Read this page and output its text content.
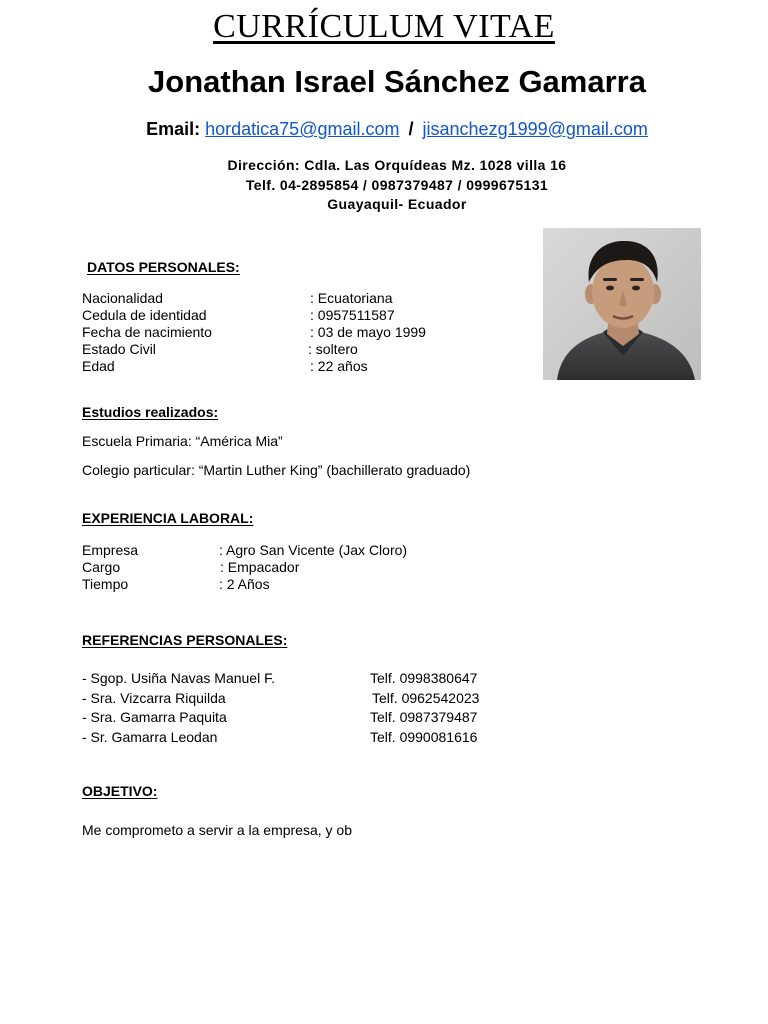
CURRÍCULUM VITAE
Jonathan Israel Sánchez Gamarra
Email: hordatica75@gmail.com / jisanchezg1999@gmail.com
Dirección: Cdla. Las Orquídeas Mz. 1028 villa 16
Telf. 04-2895854 / 0987379487 / 0999675131
Guayaquil- Ecuador
DATOS PERSONALES:
Nacionalidad	: Ecuatoriana
Cedula de identidad	: 0957511587
Fecha de nacimiento	: 03 de mayo 1999
Estado Civil	: soltero
Edad	: 22 años
Estudios realizados:
Escuela Primaria: “América Mia”
Colegio particular: “Martin Luther King” (bachillerato graduado)
EXPERIENCIA LABORAL:
Empresa	: Agro San Vicente (Jax Cloro)
Cargo	: Empacador
Tiempo	: 2 Años
REFERENCIAS PERSONALES:
- Sgop. Usiña Navas Manuel F.	Telf. 0998380647
- Sra. Vizcarra Riquilda	Telf. 0962542023
- Sra. Gamarra Paquita	Telf. 0987379487
- Sr. Gamarra Leodan	Telf. 0990081616
OBJETIVO:
Me comprometo a servir a la empresa, y ob
